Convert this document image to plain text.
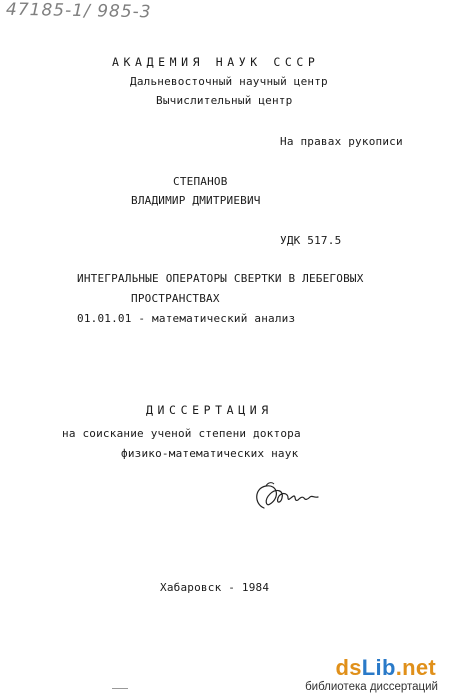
47185-1/ 985-3
АКАДЕМИЯ НАУК СССР
Дальневосточный научный центр
Вычислительный центр
На правах рукописи
СТЕПАНОВ
ВЛАДИМИР ДМИТРИЕВИЧ
УДК 517.5
ИНТЕГРАЛЬНЫЕ ОПЕРАТОРЫ СВЕРТКИ В ЛЕБЕГОВЫХ
ПРОСТРАНСТВАХ
01.01.01 - математический анализ
ДИССЕРТАЦИЯ
на соискание ученой степени доктора
физико-математических наук
Хабаровск - 1984
dsLib.net
библиотека диссертаций
